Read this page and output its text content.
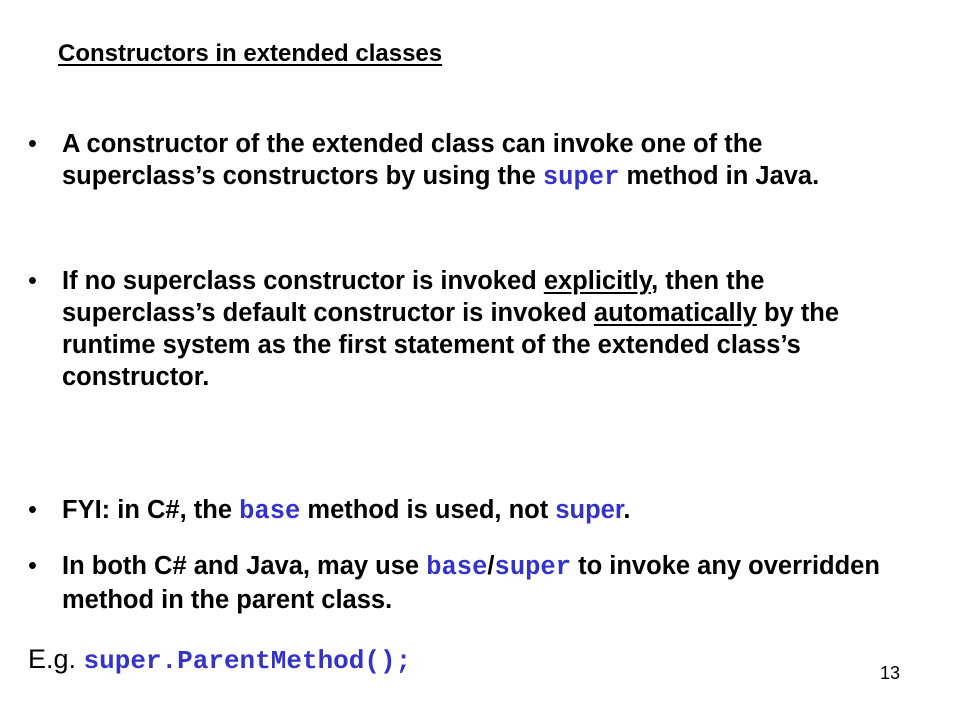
Constructors in extended classes
• A constructor of the extended class can invoke one of the superclass’s constructors by using the super method in Java.
• If no superclass constructor is invoked explicitly, then the superclass’s default constructor is invoked automatically by the runtime system as the first statement of the extended class’s constructor.
• FYI: in C#, the base method is used, not super.
• In both C# and Java, may use base/super to invoke any overridden method in the parent class.
E.g. super.ParentMethod();	13
